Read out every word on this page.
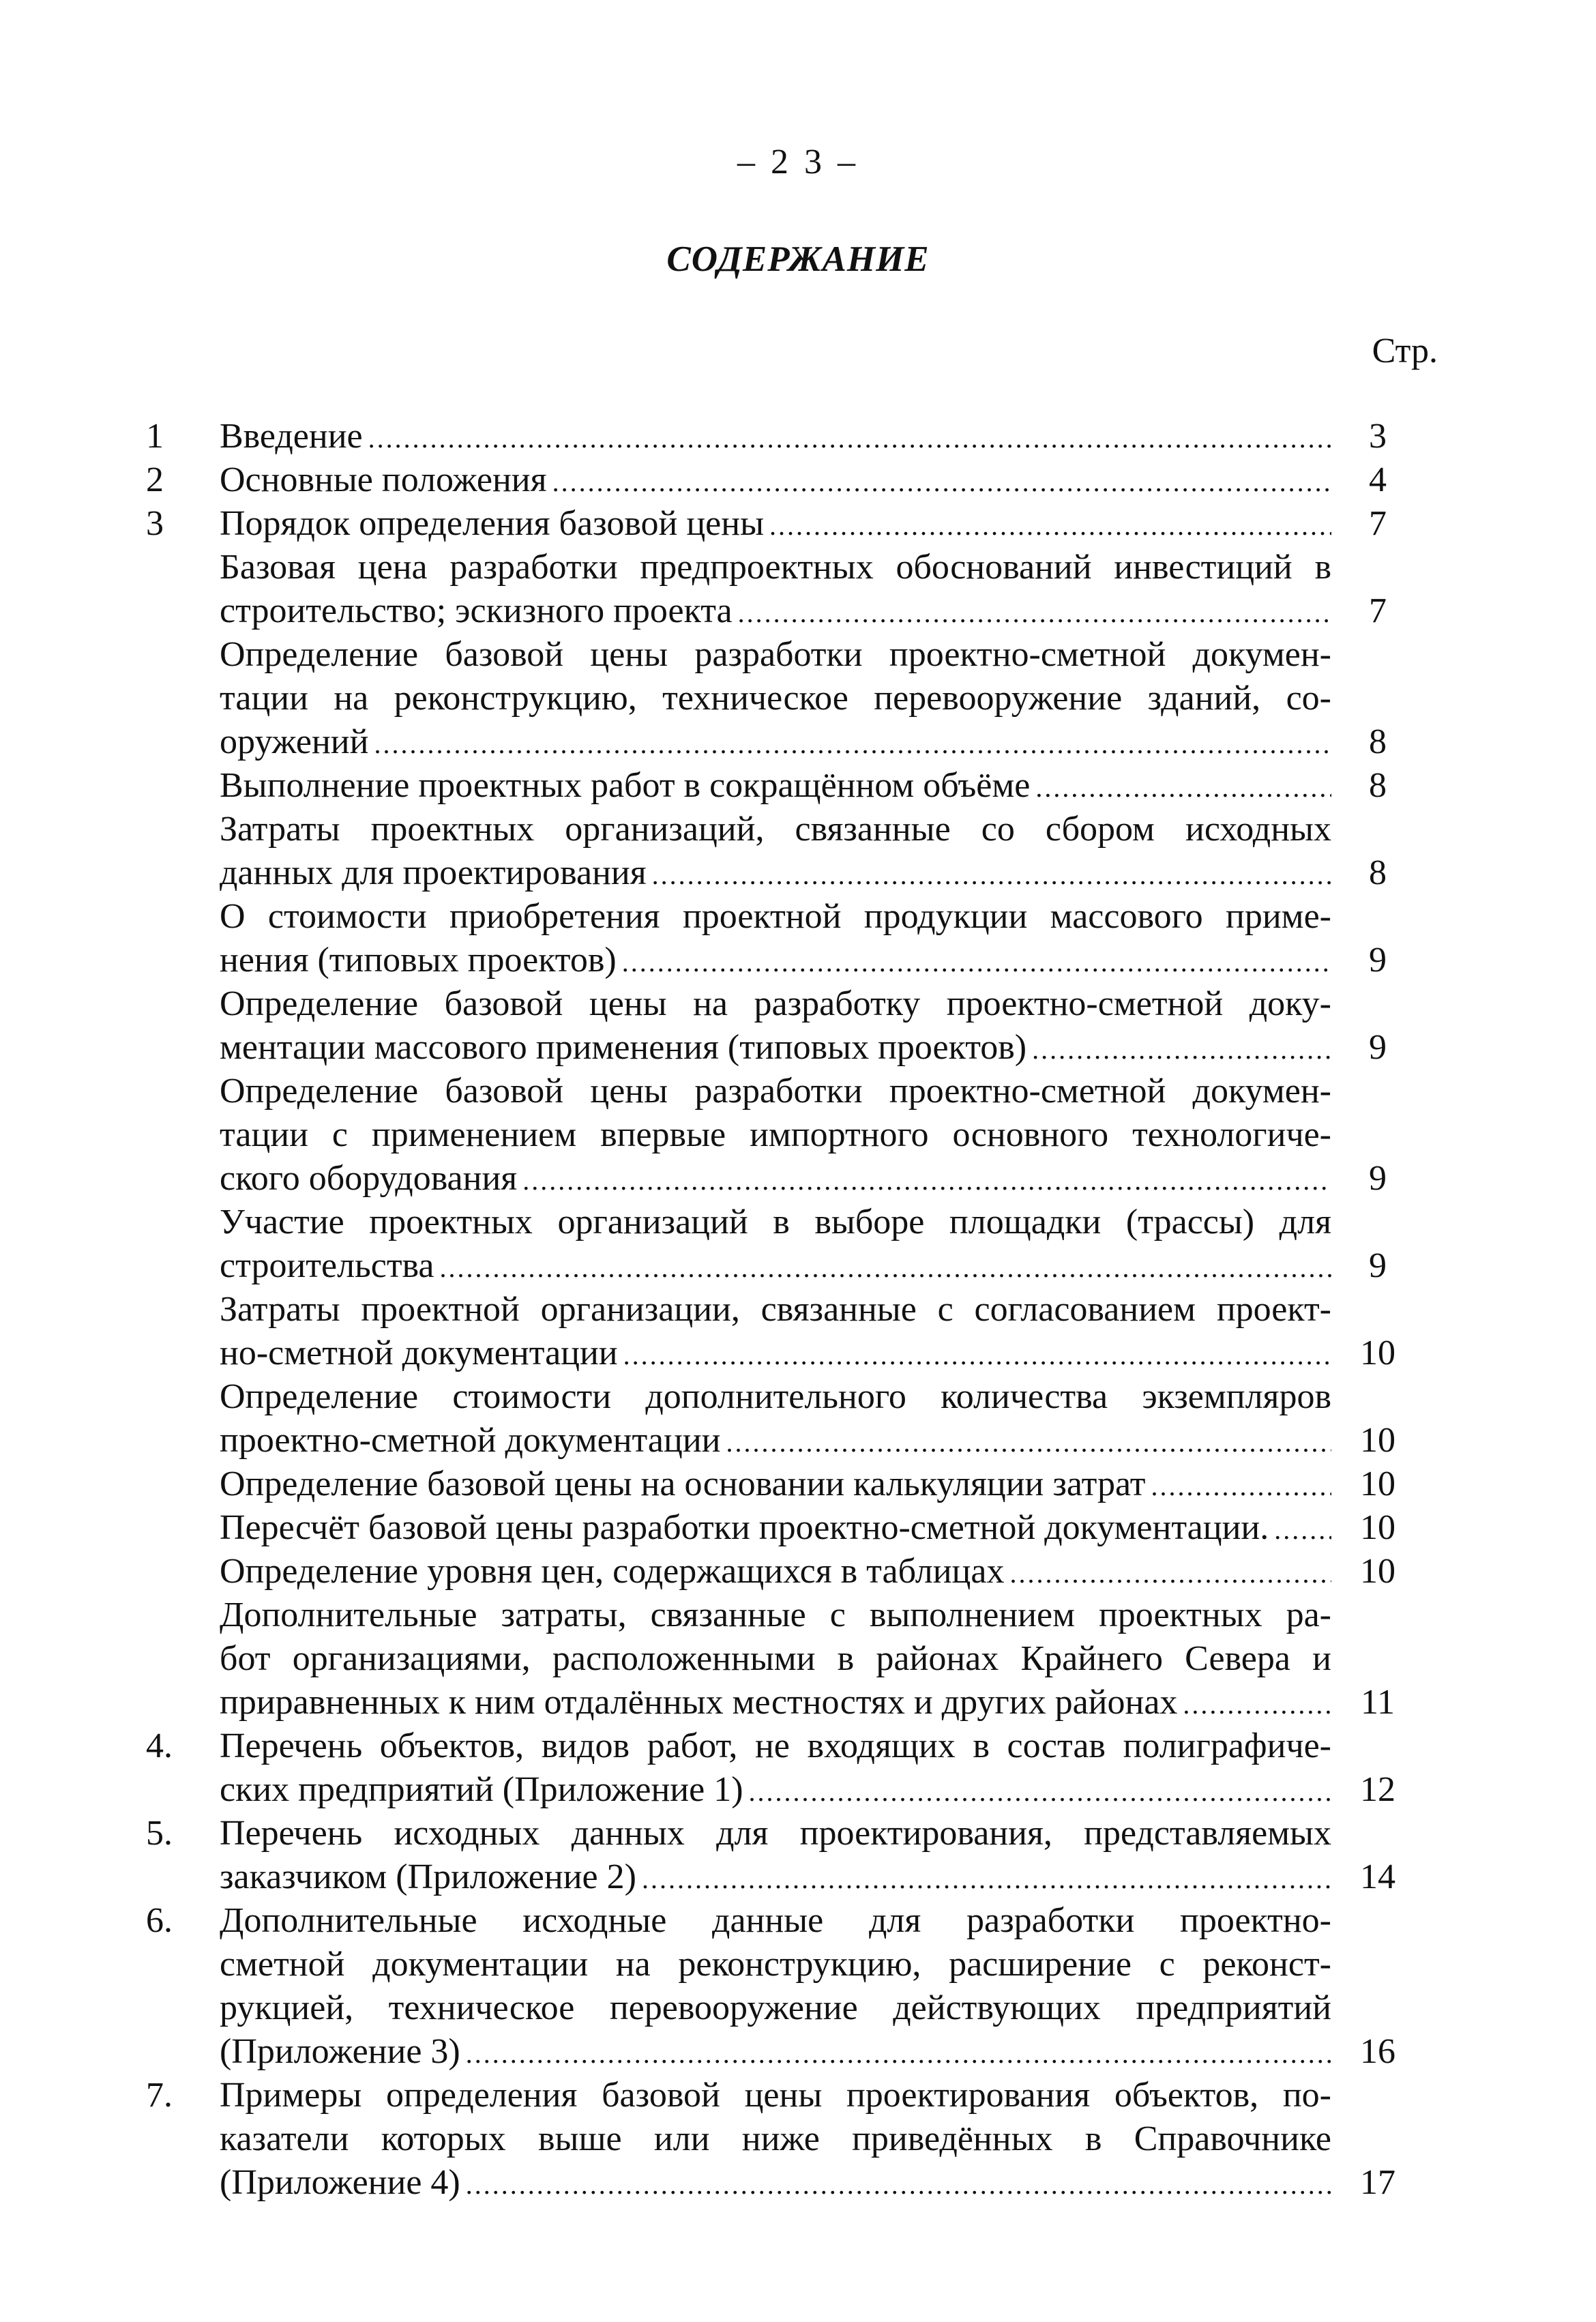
– 2 3 –
СОДЕРЖАНИЕ
Стр.
1	Введение .....	3
2	Основные положения .....	4
3	Порядок определения базовой цены .....	7
Базовая цена разработки предпроектных обоснований инвестиций в
строительство; эскизного проекта .....	7
Определение базовой цены разработки проектно-сметной докумен-
тации на реконструкцию, техническое перевооружение зданий, со-
оружений .....	8
Выполнение проектных работ в сокращённом объёме .....	8
Затраты проектных организаций, связанные со сбором исходных
данных для проектирования .....	8
О стоимости приобретения проектной продукции массового приме-
нения (типовых проектов) .....	9
Определение базовой цены на разработку проектно-сметной доку-
ментации массового применения (типовых проектов) .....	9
Определение базовой цены разработки проектно-сметной докумен-
тации с применением впервые импортного основного технологиче-
ского оборудования .....	9
Участие проектных организаций в выборе площадки (трассы) для
строительства .....	9
Затраты проектной организации, связанные с согласованием проект-
но-сметной документации .....	10
Определение стоимости дополнительного количества экземпляров
проектно-сметной документации .....	10
Определение базовой цены на основании калькуляции затрат .....	10
Пересчёт базовой цены разработки проектно-сметной документации. .....	10
Определение уровня цен, содержащихся в таблицах .....	10
Дополнительные затраты, связанные с выполнением проектных ра-
бот организациями, расположенными в районах Крайнего Севера и
приравненных к ним отдалённых местностях и других районах .....	11
4.	Перечень объектов, видов работ, не входящих в состав полиграфиче-
ских предприятий (Приложение 1) .....	12
5.	Перечень исходных данных для проектирования, представляемых
заказчиком (Приложение 2) .....	14
6.	Дополнительные исходные данные для разработки проектно-
сметной документации на реконструкцию, расширение с реконст-
рукцией, техническое перевооружение действующих предприятий
(Приложение 3) .....	16
7.	Примеры определения базовой цены проектирования объектов, по-
казатели которых выше или ниже приведённых в Справочнике
(Приложение 4) .....	17
